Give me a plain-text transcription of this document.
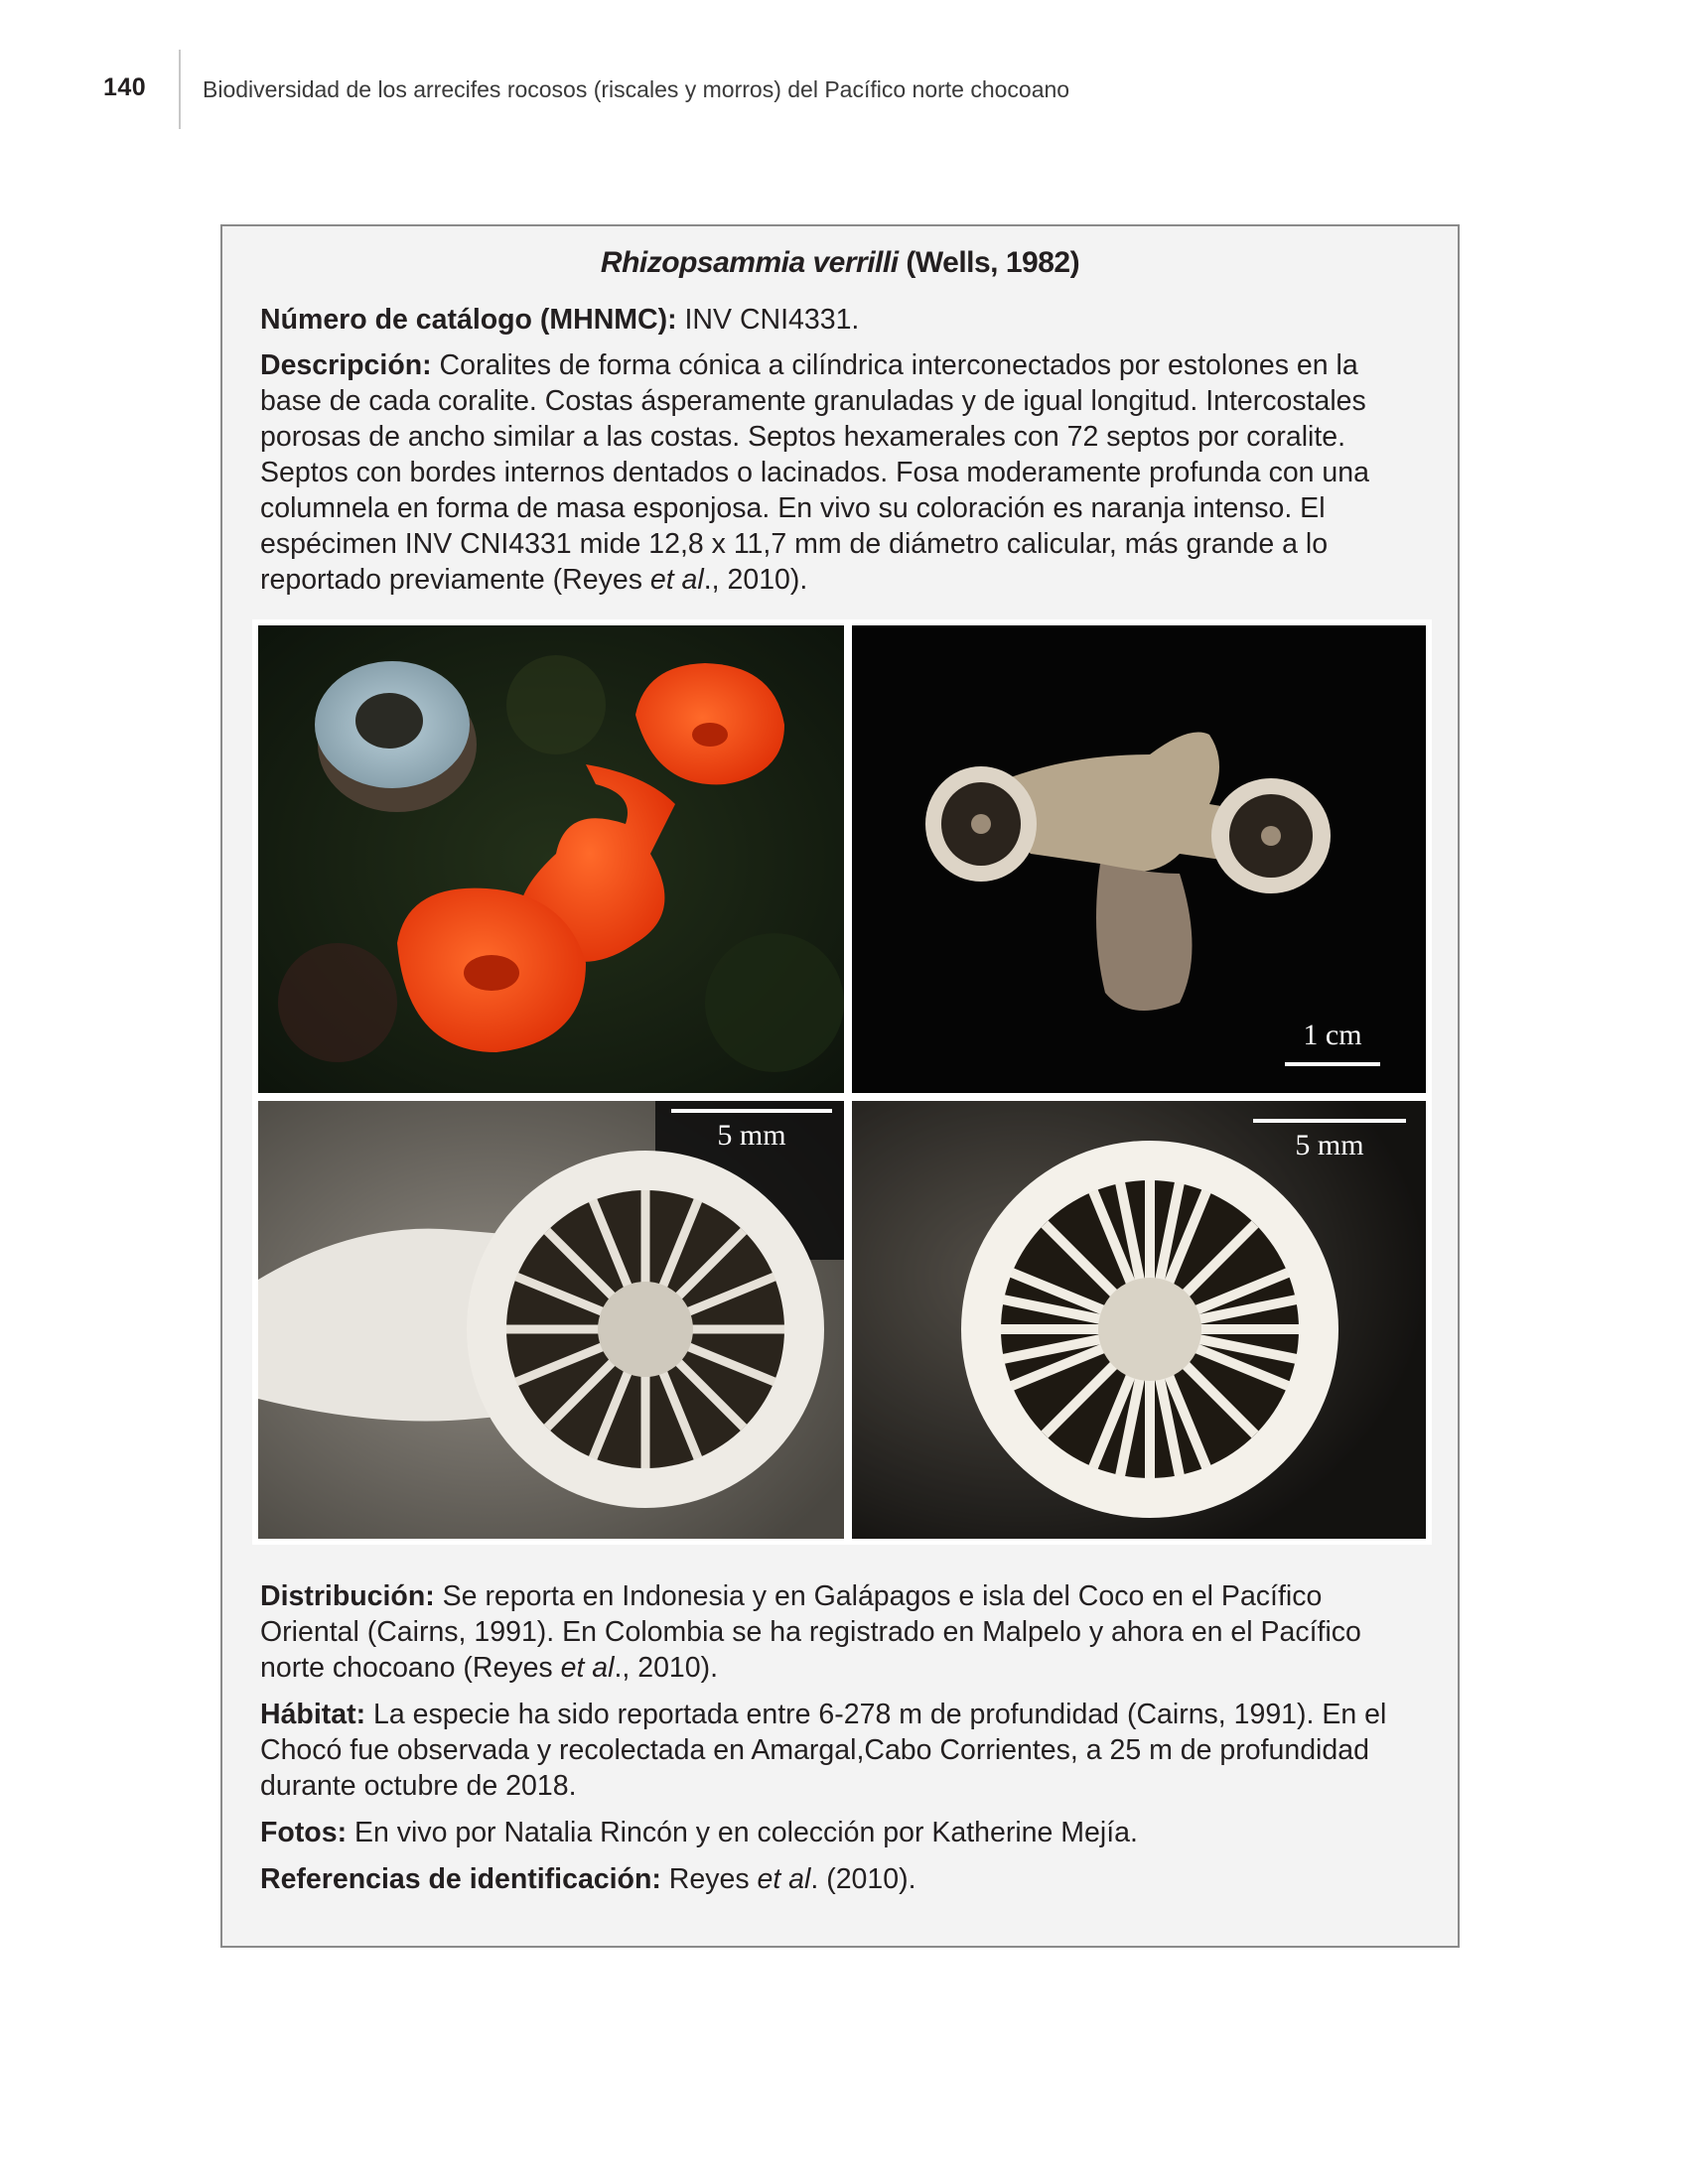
140 Biodiversidad de los arrecifes rocosos (riscales y morros) del Pacífico norte chocoano
Rhizopsammia verrilli (Wells, 1982)

Número de catálogo (MHNMC): INV CNI4331.

Descripción: Coralites de forma cónica a cilíndrica interconectados por estolones en la base de cada coralite. Costas ásperamente granuladas y de igual longitud. Intercostales porosas de ancho similar a las costas. Septos hexamerales con 72 septos por coralite. Septos con bordes internos dentados o lacinados. Fosa moderamente profunda con una columnela en forma de masa esponjosa. En vivo su coloración es naranja intenso. El espécimen INV CNI4331 mide 12,8 x 11,7 mm de diámetro calicular, más grande a lo reportado previamente (Reyes et al., 2010).

1 cm
5 mm	5 mm

Distribución: Se reporta en Indonesia y en Galápagos e isla del Coco en el Pacífico Oriental (Cairns, 1991). En Colombia se ha registrado en Malpelo y ahora en el Pacífico norte chocoano (Reyes et al., 2010).

Hábitat: La especie ha sido reportada entre 6-278 m de profundidad (Cairns, 1991). En el Chocó fue observada y recolectada en Amargal,Cabo Corrientes, a 25 m de profundidad durante octubre de 2018.

Fotos: En vivo por Natalia Rincón y en colección por Katherine Mejía.

Referencias de identificación: Reyes et al. (2010).
